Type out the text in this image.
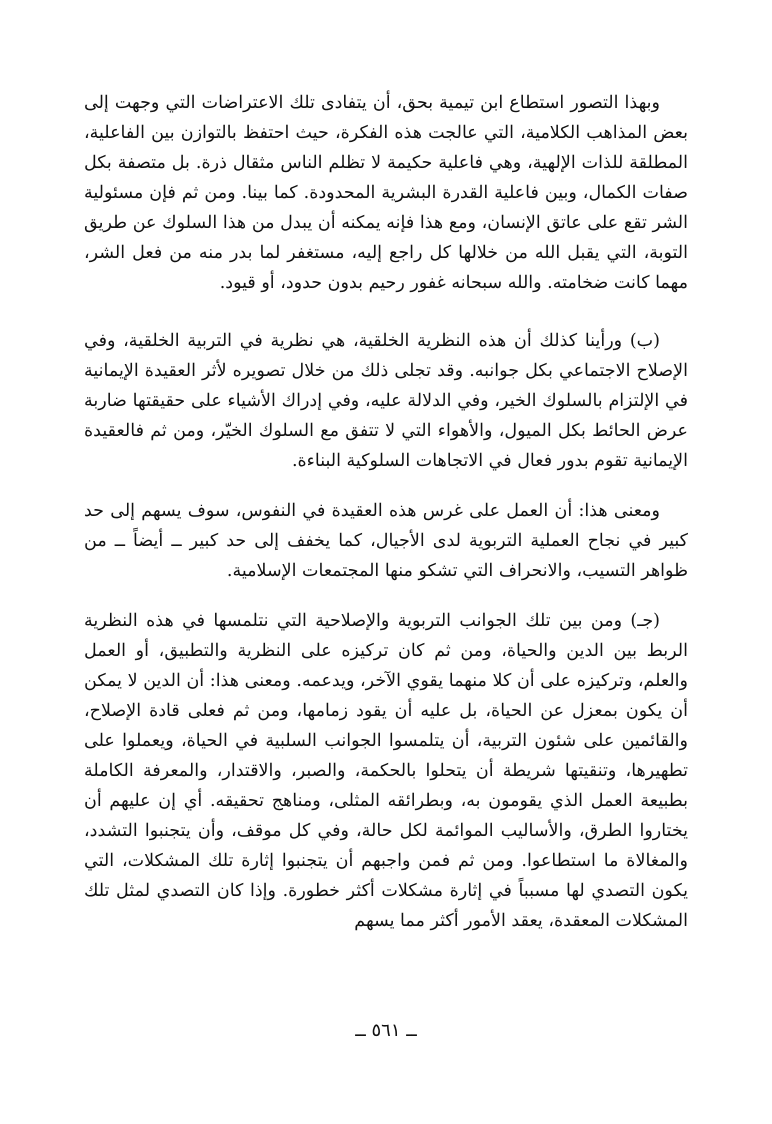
وبهذا التصور استطاع ابن تيمية بحق، أن يتفادى تلك الاعتراضات التي وجهت إلى بعض المذاهب الكلامية، التي عالجت هذه الفكرة، حيث احتفظ بالتوازن بين الفاعلية، المطلقة للذات الإلهية، وهي فاعلية حكيمة لا تظلم الناس مثقال ذرة. بل متصفة بكل صفات الكمال، وبين فاعلية القدرة البشرية المحدودة. كما بينا. ومن ثم فإن مسئولية الشر تقع على عاتق الإنسان، ومع هذا فإنه يمكنه أن يبدل من هذا السلوك عن طريق التوبة، التي يقبل الله من خلالها كل راجع إليه، مستغفر لما بدر منه من فعل الشر، مهما كانت ضخامته. والله سبحانه غفور رحيم بدون حدود، أو قيود.

(ب) ورأينا كذلك أن هذه النظرية الخلقية، هي نظرية في التربية الخلقية، وفي الإصلاح الاجتماعي بكل جوانبه. وقد تجلى ذلك من خلال تصويره لأثر العقيدة الإيمانية في الإلتزام بالسلوك الخير، وفي الدلالة عليه، وفي إدراك الأشياء على حقيقتها ضاربة عرض الحائط بكل الميول، والأهواء التي لا تتفق مع السلوك الخيّر، ومن ثم فالعقيدة الإيمانية تقوم بدور فعال في الاتجاهات السلوكية البناءة.

ومعنى هذا: أن العمل على غرس هذه العقيدة في النفوس، سوف يسهم إلى حد كبير في نجاح العملية التربوية لدى الأجيال، كما يخفف إلى حد كبير ــ أيضاً ــ من ظواهر التسيب، والانحراف التي تشكو منها المجتمعات الإسلامية.

(جـ) ومن بين تلك الجوانب التربوية والإصلاحية التي نتلمسها في هذه النظرية الربط بين الدين والحياة، ومن ثم كان تركيزه على النظرية والتطبيق، أو العمل والعلم، وتركيزه على أن كلا منهما يقوي الآخر، ويدعمه. ومعنى هذا: أن الدين لا يمكن أن يكون بمعزل عن الحياة، بل عليه أن يقود زمامها، ومن ثم فعلى قادة الإصلاح، والقائمين على شئون التربية، أن يتلمسوا الجوانب السلبية في الحياة، ويعملوا على تطهيرها، وتنقيتها شريطة أن يتحلوا بالحكمة، والصبر، والاقتدار، والمعرفة الكاملة بطبيعة العمل الذي يقومون به، وبطرائقه المثلى، ومناهج تحقيقه. أي إن عليهم أن يختاروا الطرق، والأساليب الموائمة لكل حالة، وفي كل موقف، وأن يتجنبوا التشدد، والمغالاة ما استطاعوا. ومن ثم فمن واجبهم أن يتجنبوا إثارة تلك المشكلات، التي يكون التصدي لها مسبباً في إثارة مشكلات أكثر خطورة. وإذا كان التصدي لمثل تلك المشكلات المعقدة، يعقد الأمور أكثر مما يسهم

ــ ٥٦١ ــ
